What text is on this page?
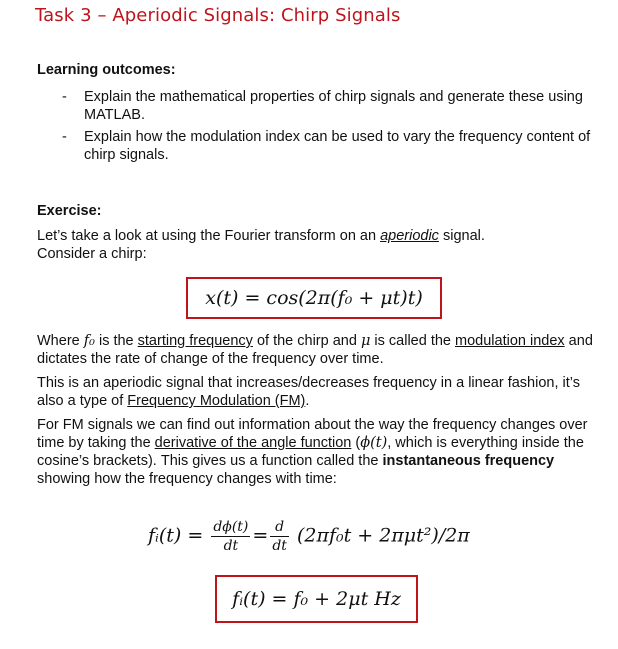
Task 3 – Aperiodic Signals: Chirp Signals
Learning outcomes:
- Explain the mathematical properties of chirp signals and generate these using MATLAB.
- Explain how the modulation index can be used to vary the frequency content of chirp signals.
Exercise:
Let’s take a look at using the Fourier transform on an aperiodic signal.
Consider a chirp:
x(t) = cos(2π(f₀ + μt)t)
Where f₀ is the starting frequency of the chirp and μ is called the modulation index and dictates the rate of change of the frequency over time.
This is an aperiodic signal that increases/decreases frequency in a linear fashion, it’s also a type of Frequency Modulation (FM).
For FM signals we can find out information about the way the frequency changes over time by taking the derivative of the angle function (ϕ(t), which is everything inside the cosine’s brackets). This gives us a function called the instantaneous frequency showing how the frequency changes with time:
fᵢ(t) = $\frac{d\phi(t)}{dt} = \frac{d}{dt} (2\pi f_0t + 2\pi\mu t^2)/2\pi$
fᵢ(t) = f₀ + 2μt Hz
